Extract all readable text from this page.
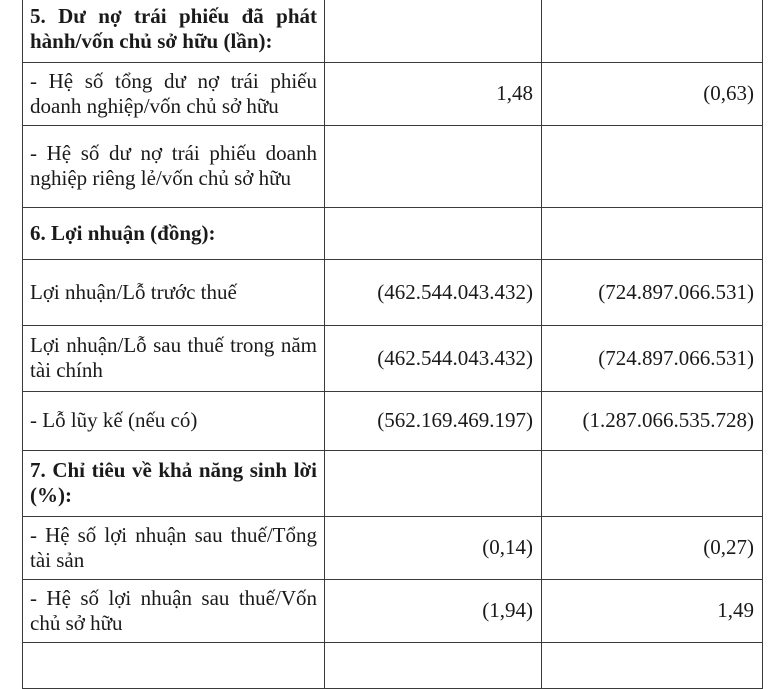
5. Dư nợ trái phiếu đã phát hành/vốn chủ sở hữu (lần):		
- Hệ số tổng dư nợ trái phiếu doanh nghiệp/vốn chủ sở hữu	1,48	(0,63)
- Hệ số dư nợ trái phiếu doanh nghiệp riêng lẻ/vốn chủ sở hữu		
6. Lợi nhuận (đồng):		
Lợi nhuận/Lỗ trước thuế	(462.544.043.432)	(724.897.066.531)
Lợi nhuận/Lỗ sau thuế trong năm tài chính	(462.544.043.432)	(724.897.066.531)
- Lỗ lũy kế (nếu có)	(562.169.469.197)	(1.287.066.535.728)
7. Chỉ tiêu về khả năng sinh lời (%):		
- Hệ số lợi nhuận sau thuế/Tổng tài sản	(0,14)	(0,27)
- Hệ số lợi nhuận sau thuế/Vốn chủ sở hữu	(1,94)	1,49
